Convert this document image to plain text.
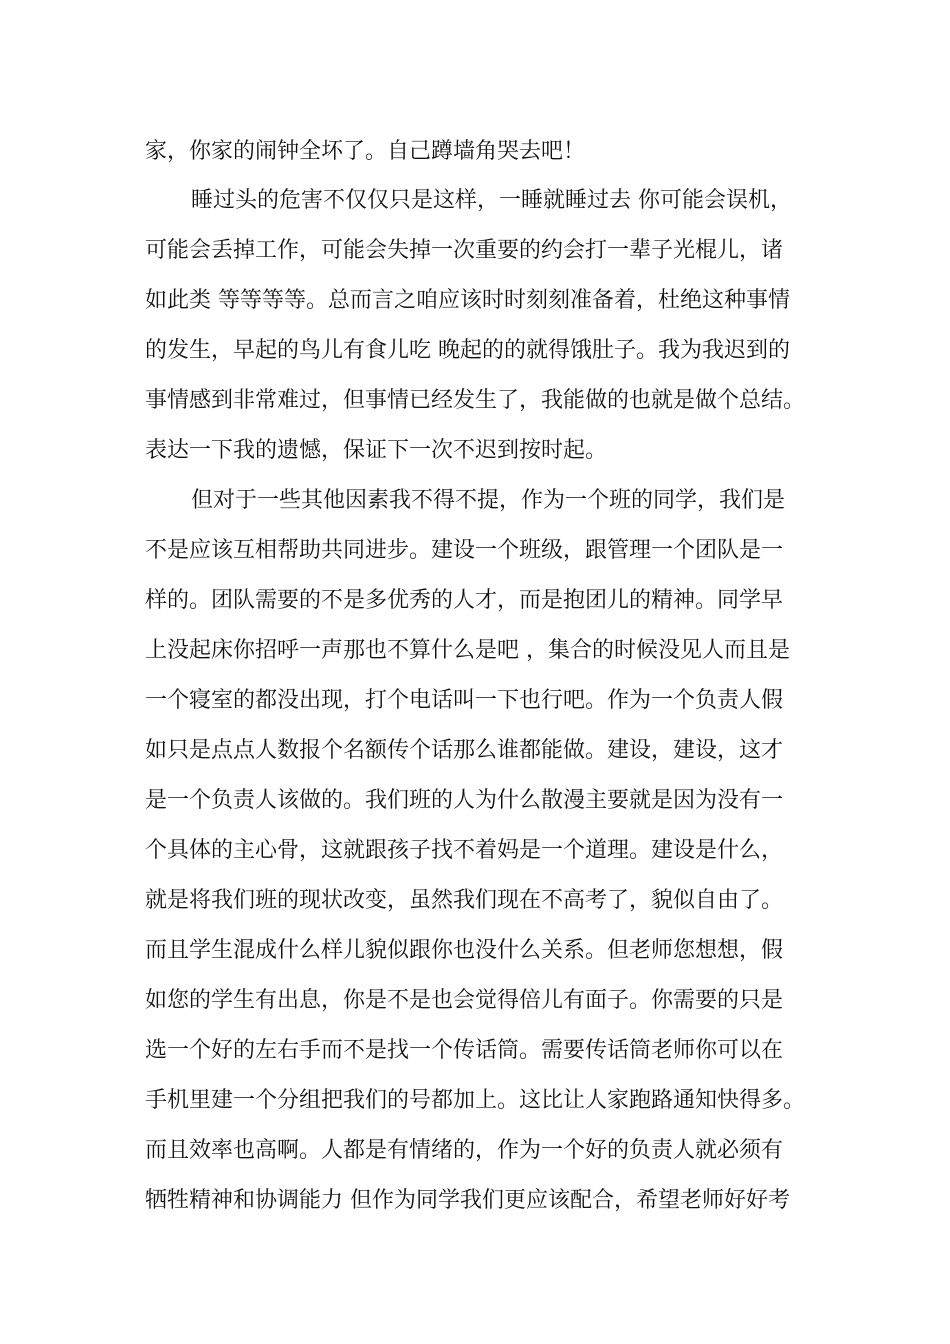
家，你家的闹钟全坏了。自己蹲墙角哭去吧！
睡过头的危害不仅仅只是这样，一睡就睡过去 你可能会误机，
可能会丢掉工作，可能会失掉一次重要的约会打一辈子光棍儿，诸
如此类 等等等等。总而言之咱应该时时刻刻准备着，杜绝这种事情
的发生，早起的鸟儿有食儿吃 晚起的的就得饿肚子。我为我迟到的
事情感到非常难过，但事情已经发生了，我能做的也就是做个总结。
表达一下我的遗憾，保证下一次不迟到按时起。
但对于一些其他因素我不得不提，作为一个班的同学，我们是
不是应该互相帮助共同进步。建设一个班级，跟管理一个团队是一
样的。团队需要的不是多优秀的人才，而是抱团儿的精神。同学早
上没起床你招呼一声那也不算什么是吧 ，集合的时候没见人而且是
一个寝室的都没出现，打个电话叫一下也行吧。作为一个负责人假
如只是点点人数报个名额传个话那么谁都能做。建设，建设，这才
是一个负责人该做的。我们班的人为什么散漫主要就是因为没有一
个具体的主心骨，这就跟孩子找不着妈是一个道理。建设是什么，
就是将我们班的现状改变，虽然我们现在不高考了，貌似自由了。
而且学生混成什么样儿貌似跟你也没什么关系。但老师您想想，假
如您的学生有出息，你是不是也会觉得倍儿有面子。你需要的只是
选一个好的左右手而不是找一个传话筒。需要传话筒老师你可以在
手机里建一个分组把我们的号都加上。这比让人家跑路通知快得多。
而且效率也高啊。人都是有情绪的，作为一个好的负责人就必须有
牺牲精神和协调能力 但作为同学我们更应该配合，希望老师好好考
